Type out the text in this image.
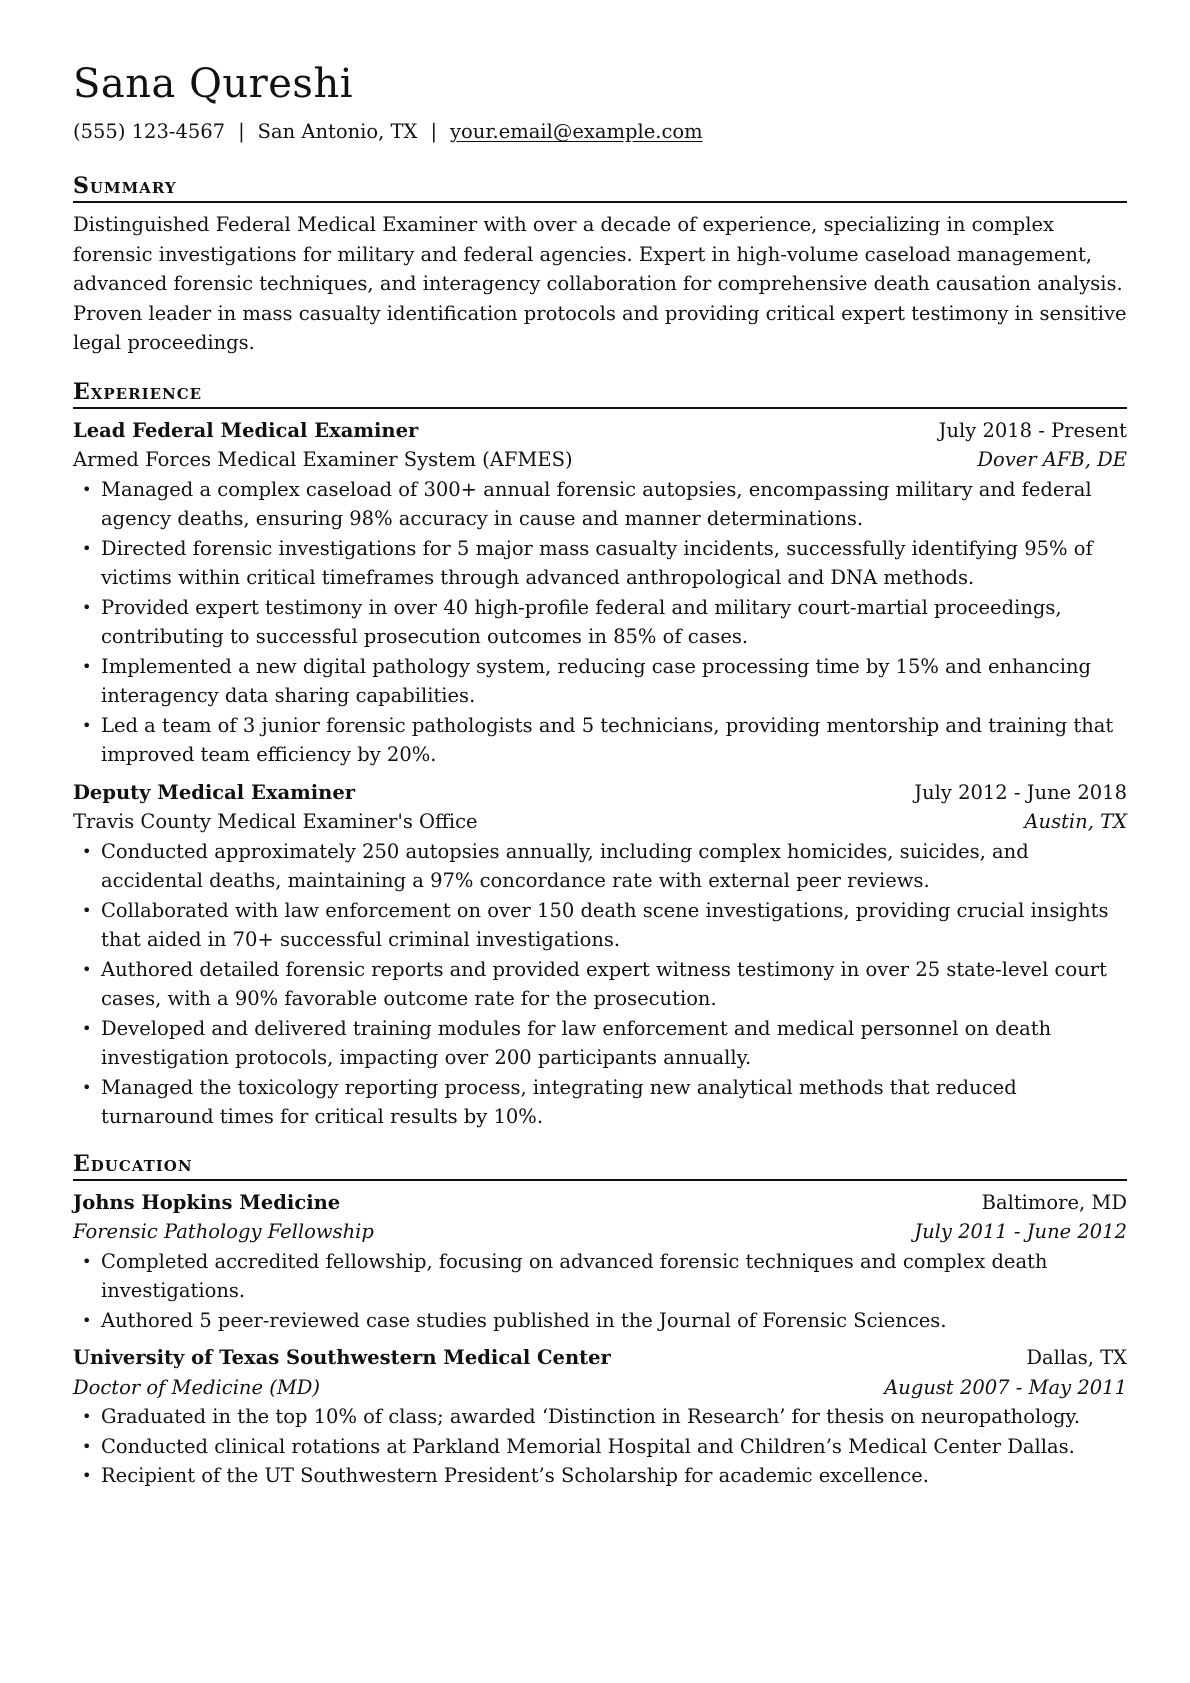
Sana Qureshi
(555) 123-4567 | San Antonio, TX | your.email@example.com
Summary

Distinguished Federal Medical Examiner with over a decade of experience, specializing in complex forensic investigations for military and federal agencies. Expert in high-volume caseload management, advanced forensic techniques, and interagency collaboration for comprehensive death causation analysis. Proven leader in mass casualty identification protocols and providing critical expert testimony in sensitive legal proceedings.

Experience
Lead Federal Medical Examiner	July 2018 - Present
Armed Forces Medical Examiner System (AFMES)	Dover AFB, DE
• Managed a complex caseload of 300+ annual forensic autopsies, encompassing military and federal agency deaths, ensuring 98% accuracy in cause and manner determinations.
• Directed forensic investigations for 5 major mass casualty incidents, successfully identifying 95% of victims within critical timeframes through advanced anthropological and DNA methods.
• Provided expert testimony in over 40 high-profile federal and military court-martial proceedings, contributing to successful prosecution outcomes in 85% of cases.
• Implemented a new digital pathology system, reducing case processing time by 15% and enhancing interagency data sharing capabilities.
• Led a team of 3 junior forensic pathologists and 5 technicians, providing mentorship and training that improved team efficiency by 20%.
Deputy Medical Examiner	July 2012 - June 2018
Travis County Medical Examiner's Office	Austin, TX
• Conducted approximately 250 autopsies annually, including complex homicides, suicides, and accidental deaths, maintaining a 97% concordance rate with external peer reviews.
• Collaborated with law enforcement on over 150 death scene investigations, providing crucial insights that aided in 70+ successful criminal investigations.
• Authored detailed forensic reports and provided expert witness testimony in over 25 state-level court cases, with a 90% favorable outcome rate for the prosecution.
• Developed and delivered training modules for law enforcement and medical personnel on death investigation protocols, impacting over 200 participants annually.
• Managed the toxicology reporting process, integrating new analytical methods that reduced turnaround times for critical results by 10%.
Education
Johns Hopkins Medicine	Baltimore, MD
Forensic Pathology Fellowship	July 2011 - June 2012
• Completed accredited fellowship, focusing on advanced forensic techniques and complex death investigations.
• Authored 5 peer-reviewed case studies published in the Journal of Forensic Sciences.
University of Texas Southwestern Medical Center	Dallas, TX
Doctor of Medicine (MD)	August 2007 - May 2011
• Graduated in the top 10% of class; awarded ‘Distinction in Research’ for thesis on neuropathology.
• Conducted clinical rotations at Parkland Memorial Hospital and Children’s Medical Center Dallas.
• Recipient of the UT Southwestern President’s Scholarship for academic excellence.
